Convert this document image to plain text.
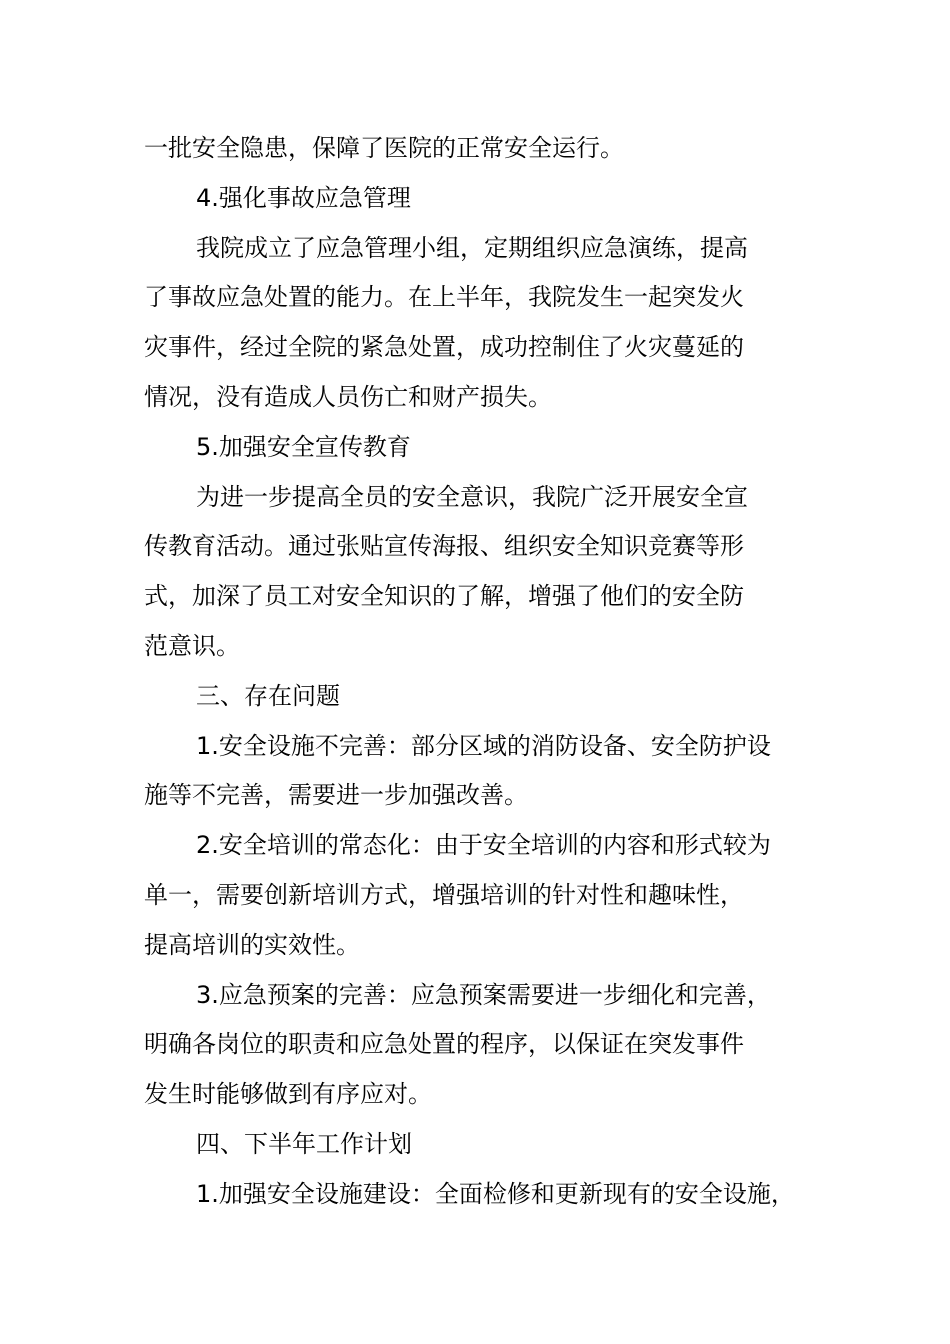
一批安全隐患，保障了医院的正常安全运行。
4.强化事故应急管理
我院成立了应急管理小组，定期组织应急演练，提高
了事故应急处置的能力。在上半年，我院发生一起突发火
灾事件，经过全院的紧急处置，成功控制住了火灾蔓延的
情况，没有造成人员伤亡和财产损失。
5.加强安全宣传教育
为进一步提高全员的安全意识，我院广泛开展安全宣
传教育活动。通过张贴宣传海报、组织安全知识竞赛等形
式，加深了员工对安全知识的了解，增强了他们的安全防
范意识。
三、存在问题
1.安全设施不完善：部分区域的消防设备、安全防护设
施等不完善，需要进一步加强改善。
2.安全培训的常态化：由于安全培训的内容和形式较为
单一，需要创新培训方式，增强培训的针对性和趣味性，
提高培训的实效性。
3.应急预案的完善：应急预案需要进一步细化和完善，
明确各岗位的职责和应急处置的程序，以保证在突发事件
发生时能够做到有序应对。
四、下半年工作计划
1.加强安全设施建设：全面检修和更新现有的安全设施，
